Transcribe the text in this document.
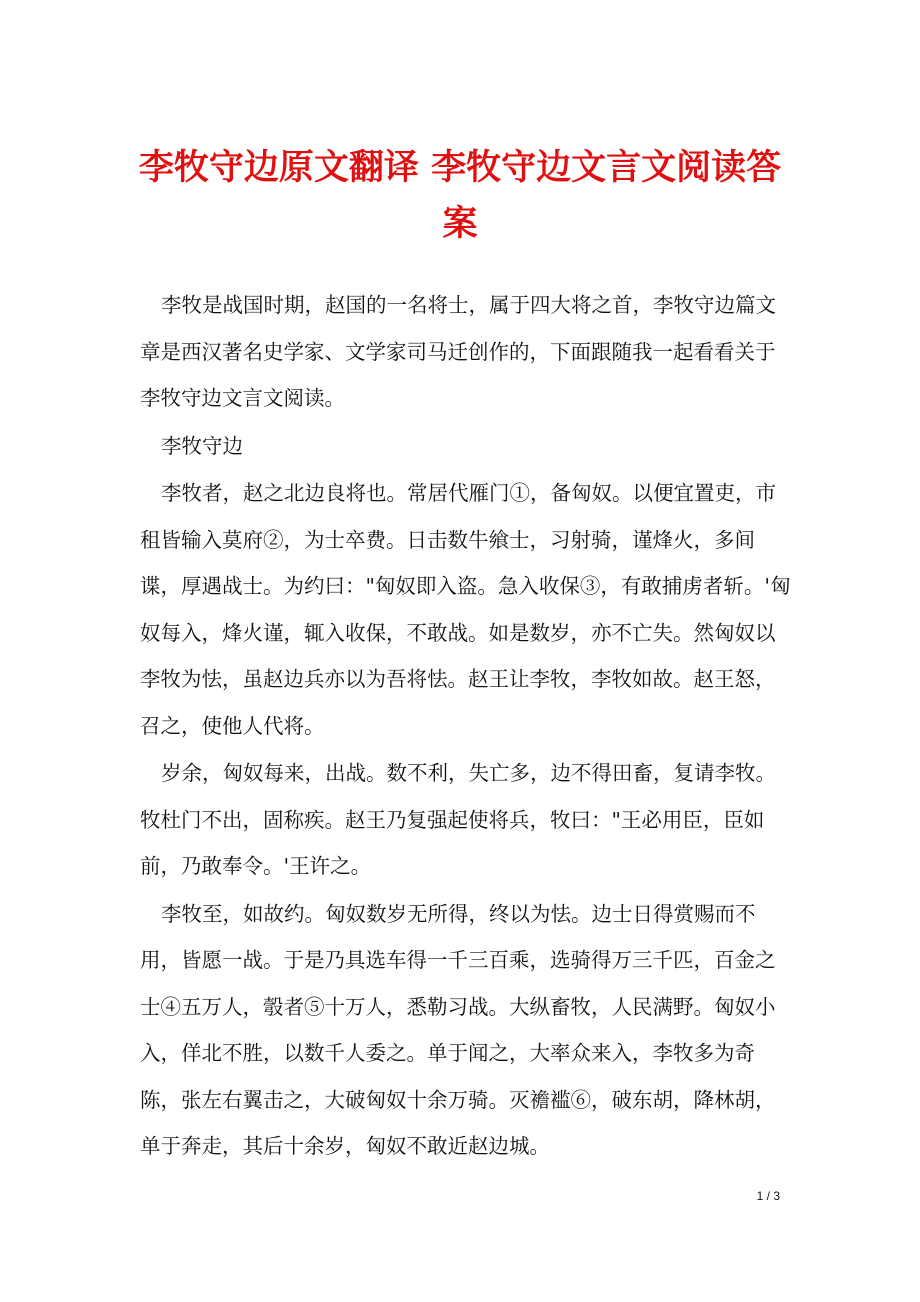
李牧守边原文翻译 李牧守边文言文阅读答案

李牧是战国时期，赵国的一名将士，属于四大将之首，李牧守边篇文章是西汉著名史学家、文学家司马迁创作的，下面跟随我一起看看关于李牧守边文言文阅读。

李牧守边

李牧者，赵之北边良将也。常居代雁门①，备匈奴。以便宜置吏，市租皆输入莫府②，为士卒费。日击数牛飨士，习射骑，谨烽火，多间谍，厚遇战士。为约曰："匈奴即入盗。急入收保③，有敢捕虏者斩。'匈奴每入，烽火谨，辄入收保，不敢战。如是数岁，亦不亡失。然匈奴以李牧为怯，虽赵边兵亦以为吾将怯。赵王让李牧，李牧如故。赵王怒，召之，使他人代将。

岁余，匈奴每来，出战。数不利，失亡多，边不得田畜，复请李牧。牧杜门不出，固称疾。赵王乃复强起使将兵，牧曰："王必用臣，臣如前，乃敢奉令。'王许之。

李牧至，如故约。匈奴数岁无所得，终以为怯。边士日得赏赐而不用，皆愿一战。于是乃具选车得一千三百乘，选骑得万三千匹，百金之士④五万人，彀者⑤十万人，悉勒习战。大纵畜牧，人民满野。匈奴小入，佯北不胜，以数千人委之。单于闻之，大率众来入，李牧多为奇陈，张左右翼击之，大破匈奴十余万骑。灭襜褴⑥，破东胡，降林胡，单于奔走，其后十余岁，匈奴不敢近赵边城。

1 / 3
